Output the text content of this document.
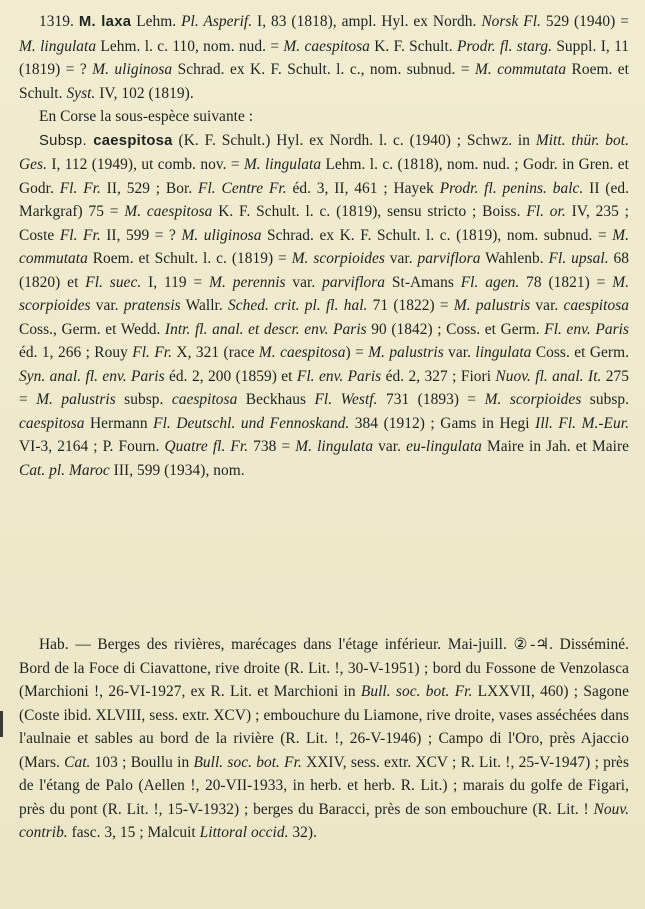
1319. M. laxa Lehm. Pl. Asperif. I, 83 (1818), ampl. Hyl. ex Nordh. Norsk Fl. 529 (1940) = M. lingulata Lehm. l. c. 110, nom. nud. = M. caespitosa K. F. Schult. Prodr. fl. starg. Suppl. I, 11 (1819) = ? M. uliginosa Schrad. ex K. F. Schult. l. c., nom. subnud. = M. commutata Roem. et Schult. Syst. IV, 102 (1819).

En Corse la sous-espèce suivante :

Subsp. caespitosa (K. F. Schult.) Hyl. ex Nordh. l. c. (1940) ; Schwz. in Mitt. thür. bot. Ges. I, 112 (1949), ut comb. nov. = M. lingulata Lehm. l. c. (1818), nom. nud. ; Godr. in Gren. et Godr. Fl. Fr. II, 529 ; Bor. Fl. Centre Fr. éd. 3, II, 461 ; Hayek Prodr. fl. penins. balc. II (ed. Markgraf) 75 = M. caespitosa K. F. Schult. l. c. (1819), sensu stricto ; Boiss. Fl. or. IV, 235 ; Coste Fl. Fr. II, 599 = ? M. uliginosa Schrad. ex K. F. Schult. l. c. (1819), nom. subnud. = M. commutata Roem. et Schult. l. c. (1819) = M. scorpioides var. parviflora Wahlenb. Fl. upsal. 68 (1820) et Fl. suec. I, 119 = M. perennis var. parviflora St-Amans Fl. agen. 78 (1821) = M. scorpioides var. pratensis Wallr. Sched. crit. pl. fl. hal. 71 (1822) = M. palustris var. caespitosa Coss., Germ. et Wedd. Intr. fl. anal. et descr. env. Paris 90 (1842) ; Coss. et Germ. Fl. env. Paris éd. 1, 266 ; Rouy Fl. Fr. X, 321 (race M. caespitosa) = M. palustris var. lingulata Coss. et Germ. Syn. anal. fl. env. Paris éd. 2, 200 (1859) et Fl. env. Paris éd. 2, 327 ; Fiori Nuov. fl. anal. It. 275 = M. palustris subsp. caespitosa Beckhaus Fl. Westf. 731 (1893) = M. scorpioides subsp. caespitosa Hermann Fl. Deutschl. und Fennoskand. 384 (1912) ; Gams in Hegi Ill. Fl. M.-Eur. VI-3, 2164 ; P. Fourn. Quatre fl. Fr. 738 = M. lingulata var. eu-lingulata Maire in Jah. et Maire Cat. pl. Maroc III, 599 (1934), nom.

Hab. — Berges des rivières, marécages dans l'étage inférieur. Mai-juill. ②-♃. Disséminé. Bord de la Foce di Ciavattone, rive droite (R. Lit. !, 30-V-1951) ; bord du Fossone de Venzolasca (Marchioni !, 26-VI-1927, ex R. Lit. et Marchioni in Bull. soc. bot. Fr. LXXVII, 460) ; Sagone (Coste ibid. XLVIII, sess. extr. XCV) ; embouchure du Liamone, rive droite, vases asséchées dans l'aulnaie et sables au bord de la rivière (R. Lit. !, 26-V-1946) ; Campo di l'Oro, près Ajaccio (Mars. Cat. 103 ; Boullu in Bull. soc. bot. Fr. XXIV, sess. extr. XCV ; R. Lit. !, 25-V-1947) ; près de l'étang de Palo (Aellen !, 20-VII-1933, in herb. et herb. R. Lit.) ; marais du golfe de Figari, près du pont (R. Lit. !, 15-V-1932) ; berges du Baracci, près de son embouchure (R. Lit. ! Nouv. contrib. fasc. 3, 15 ; Malcuit Littoral occid. 32).
